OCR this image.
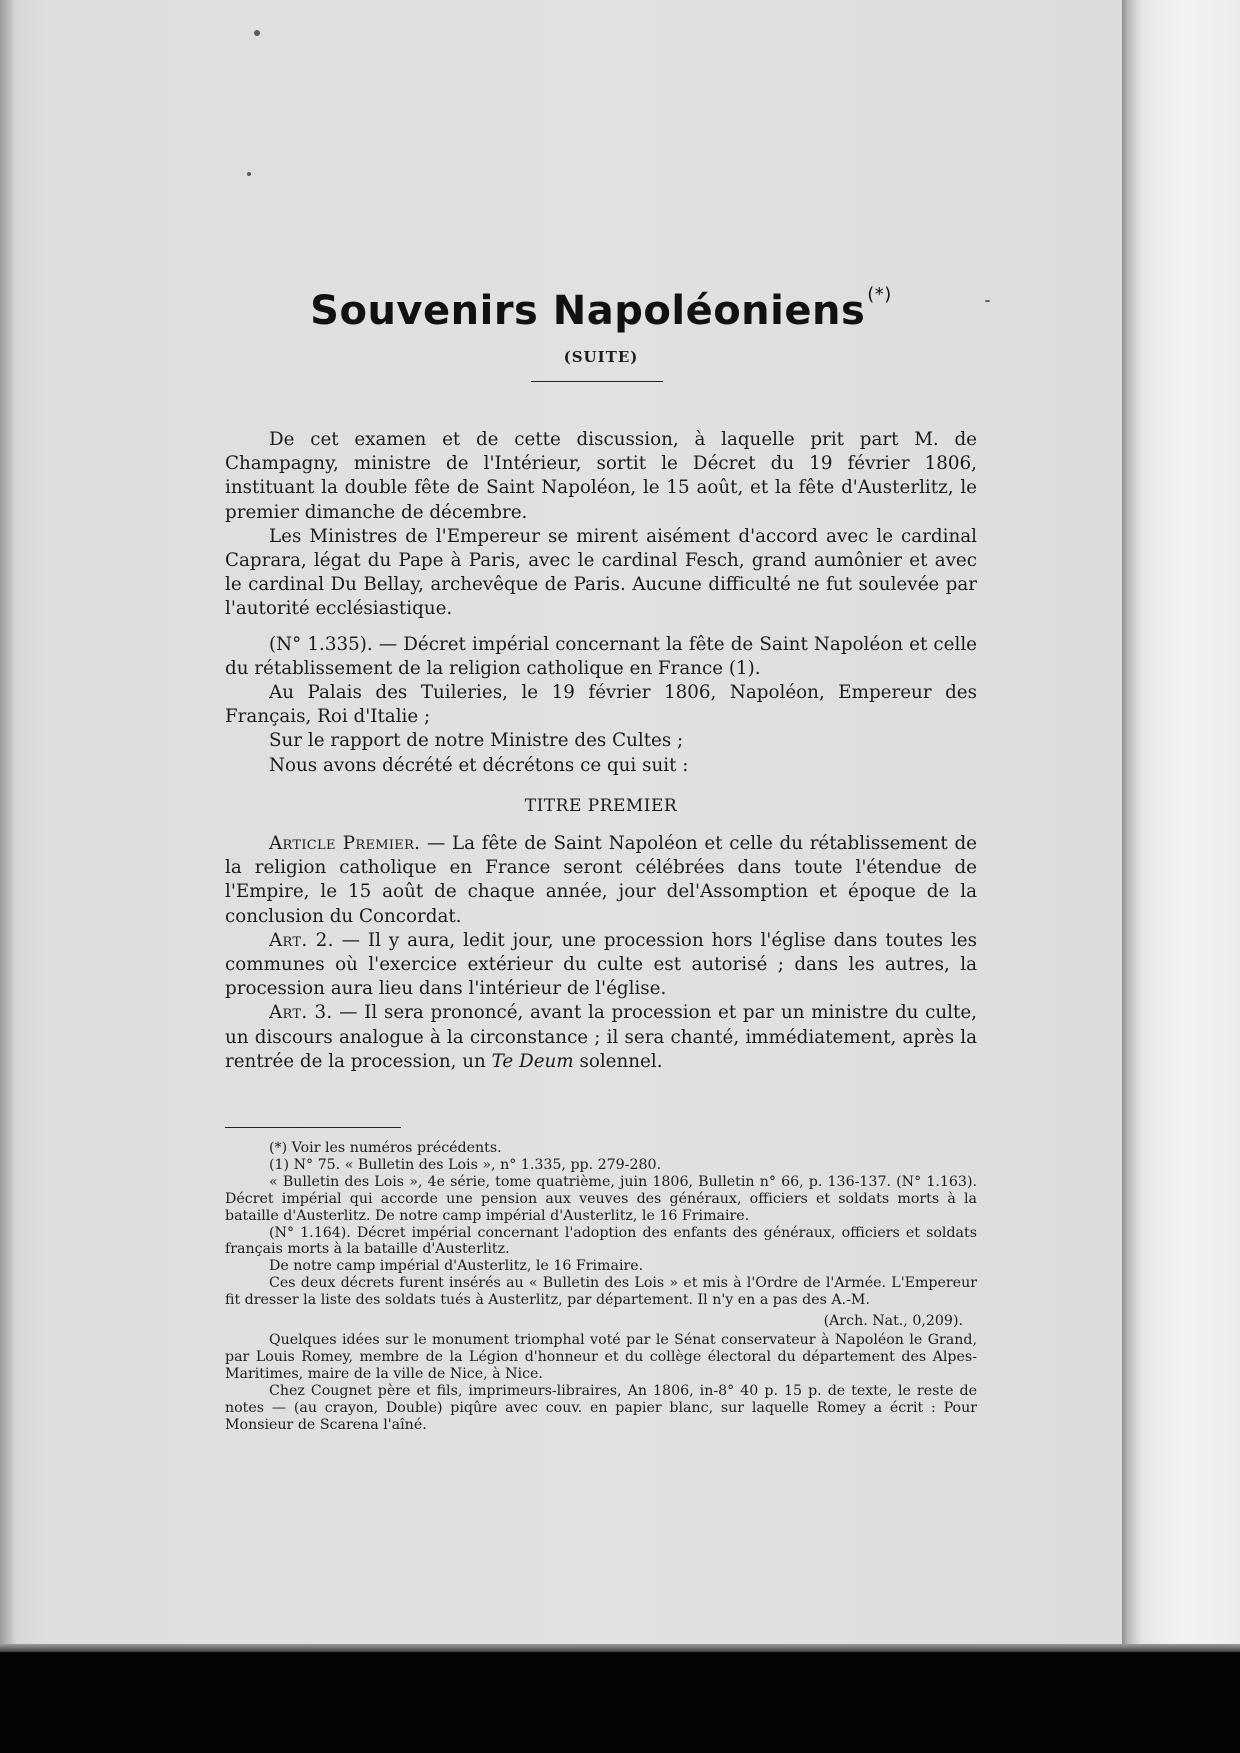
Souvenirs Napoléoniens (*)
(SUITE)

De cet examen et de cette discussion, à laquelle prit part M. de Champagny, ministre de l'Intérieur, sortit le Décret du 19 février 1806, instituant la double fête de Saint Napoléon, le 15 août, et la fête d'Austerlitz, le premier dimanche de décembre.

Les Ministres de l'Empereur se mirent aisément d'accord avec le cardinal Caprara, légat du Pape à Paris, avec le cardinal Fesch, grand aumônier et avec le cardinal Du Bellay, archevêque de Paris. Aucune difficulté ne fut soulevée par l'autorité ecclésiastique.

(N° 1.335). — Décret impérial concernant la fête de Saint Napoléon et celle du rétablissement de la religion catholique en France (1).

Au Palais des Tuileries, le 19 février 1806, Napoléon, Empereur des Français, Roi d'Italie ;

Sur le rapport de notre Ministre des Cultes ;

Nous avons décrété et décrétons ce qui suit :

TITRE PREMIER

Article Premier. — La fête de Saint Napoléon et celle du rétablissement de la religion catholique en France seront célébrées dans toute l'étendue de l'Empire, le 15 août de chaque année, jour del'Assomption et époque de la conclusion du Concordat.

Art. 2. — Il y aura, ledit jour, une procession hors l'église dans toutes les communes où l'exercice extérieur du culte est autorisé ; dans les autres, la procession aura lieu dans l'intérieur de l'église.

Art. 3. — Il sera prononcé, avant la procession et par un ministre du culte, un discours analogue à la circonstance ; il sera chanté, immédiatement, après la rentrée de la procession, un Te Deum solennel.

(*) Voir les numéros précédents.

(1) N° 75. « Bulletin des Lois », n° 1.335, pp. 279-280.

« Bulletin des Lois », 4e série, tome quatrième, juin 1806, Bulletin n° 66, p. 136-137. (N° 1.163). Décret impérial qui accorde une pension aux veuves des généraux, officiers et soldats morts à la bataille d'Austerlitz. De notre camp impérial d'Austerlitz, le 16 Frimaire.

(N° 1.164). Décret impérial concernant l'adoption des enfants des généraux, officiers et soldats français morts à la bataille d'Austerlitz.

De notre camp impérial d'Austerlitz, le 16 Frimaire.

Ces deux décrets furent insérés au « Bulletin des Lois » et mis à l'Ordre de l'Armée. L'Empereur fit dresser la liste des soldats tués à Austerlitz, par département. Il n'y en a pas des A.-M.

(Arch. Nat., 0,209).

Quelques idées sur le monument triomphal voté par le Sénat conservateur à Napoléon le Grand, par Louis Romey, membre de la Légion d'honneur et du collège électoral du département des Alpes-Maritimes, maire de la ville de Nice, à Nice.

Chez Cougnet père et fils, imprimeurs-libraires, An 1806, in-8° 40 p. 15 p. de texte, le reste de notes — (au crayon, Double) piqûre avec couv. en papier blanc, sur laquelle Romey a écrit : Pour Monsieur de Scarena l'aîné.
